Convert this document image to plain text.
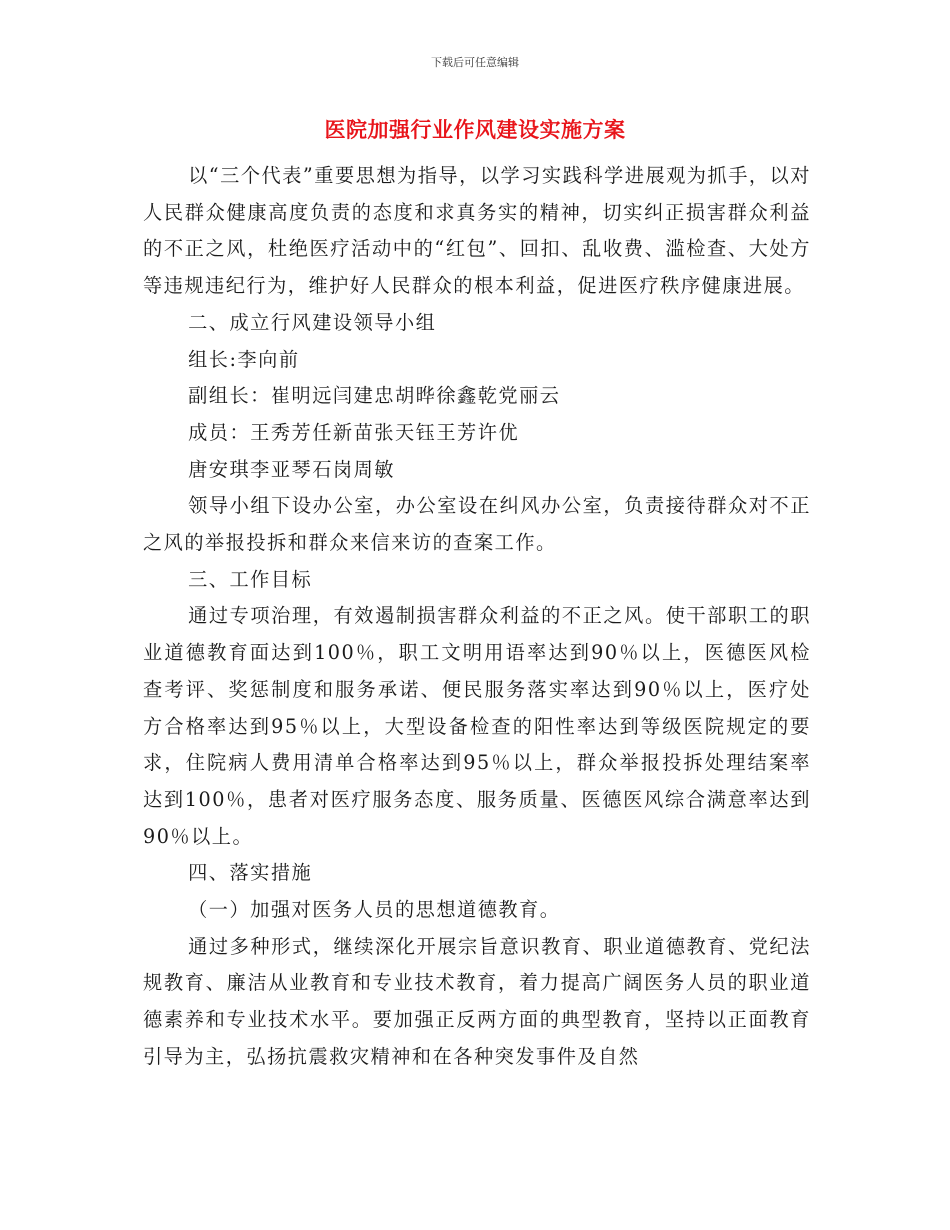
下载后可任意编辑
医院加强行业作风建设实施方案

以“三个代表”重要思想为指导，以学习实践科学进展观为抓手，以对人民群众健康高度负责的态度和求真务实的精神，切实纠正损害群众利益的不正之风，杜绝医疗活动中的“红包”、回扣、乱收费、滥检查、大处方等违规违纪行为，维护好人民群众的根本利益，促进医疗秩序健康进展。

二、成立行风建设领导小组

组长:李向前

副组长：崔明远闫建忠胡晔徐鑫乾党丽云

成员：王秀芳任新苗张天钰王芳许优

唐安琪李亚琴石岗周敏

领导小组下设办公室，办公室设在纠风办公室，负责接待群众对不正之风的举报投拆和群众来信来访的查案工作。

三、工作目标

通过专项治理，有效遏制损害群众利益的不正之风。使干部职工的职业道德教育面达到100％，职工文明用语率达到90％以上，医德医风检查考评、奖惩制度和服务承诺、便民服务落实率达到90％以上，医疗处方合格率达到95％以上，大型设备检查的阳性率达到等级医院规定的要求，住院病人费用清单合格率达到95％以上，群众举报投拆处理结案率达到100％，患者对医疗服务态度、服务质量、医德医风综合满意率达到90％以上。

四、落实措施

（一）加强对医务人员的思想道德教育。

通过多种形式，继续深化开展宗旨意识教育、职业道德教育、党纪法规教育、廉洁从业教育和专业技术教育，着力提高广阔医务人员的职业道德素养和专业技术水平。要加强正反两方面的典型教育，坚持以正面教育引导为主，弘扬抗震救灾精神和在各种突发事件及自然
